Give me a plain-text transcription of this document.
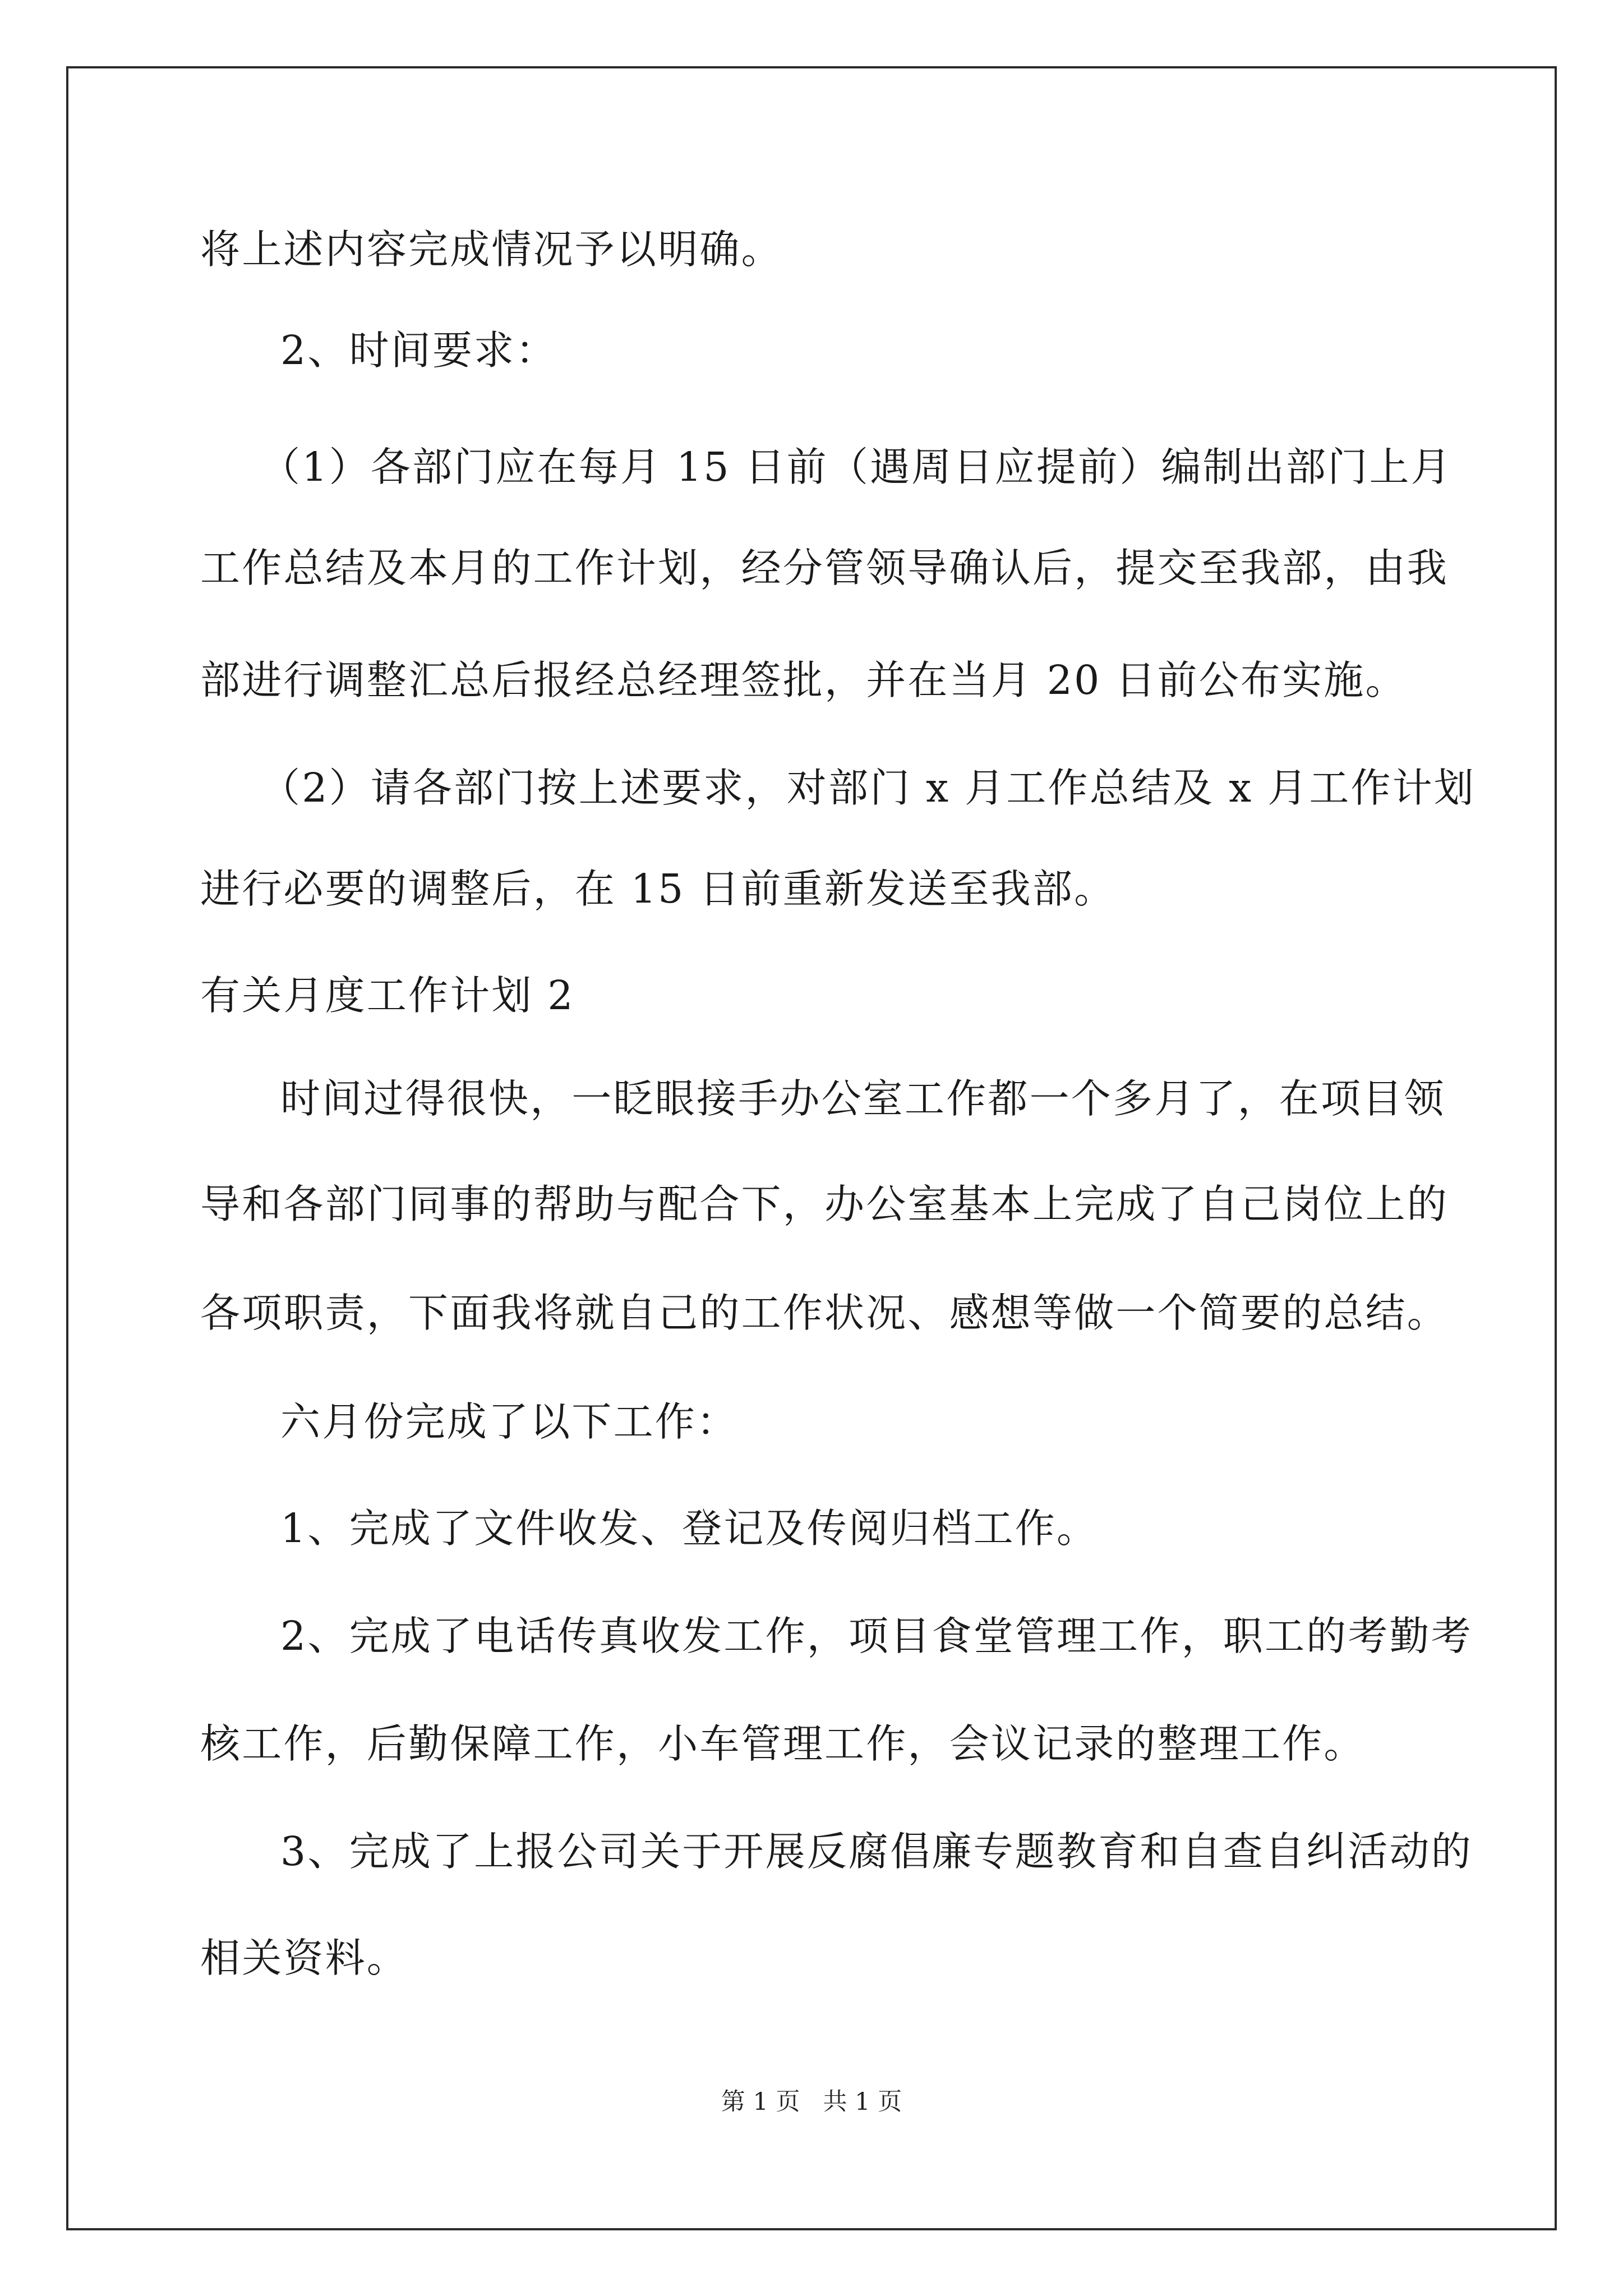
将上述内容完成情况予以明确。
2、时间要求：
（1）各部门应在每月 15 日前（遇周日应提前）编制出部门上月
工作总结及本月的工作计划，经分管领导确认后，提交至我部，由我
部进行调整汇总后报经总经理签批，并在当月 20 日前公布实施。
（2）请各部门按上述要求，对部门 x 月工作总结及 x 月工作计划
进行必要的调整后，在 15 日前重新发送至我部。
有关月度工作计划 2
时间过得很快，一眨眼接手办公室工作都一个多月了，在项目领
导和各部门同事的帮助与配合下，办公室基本上完成了自己岗位上的
各项职责，下面我将就自己的工作状况、感想等做一个简要的总结。
六月份完成了以下工作：
1、完成了文件收发、登记及传阅归档工作。
2、完成了电话传真收发工作，项目食堂管理工作，职工的考勤考
核工作，后勤保障工作，小车管理工作，会议记录的整理工作。
3、完成了上报公司关于开展反腐倡廉专题教育和自查自纠活动的
相关资料。
第 1 页   共 1 页
